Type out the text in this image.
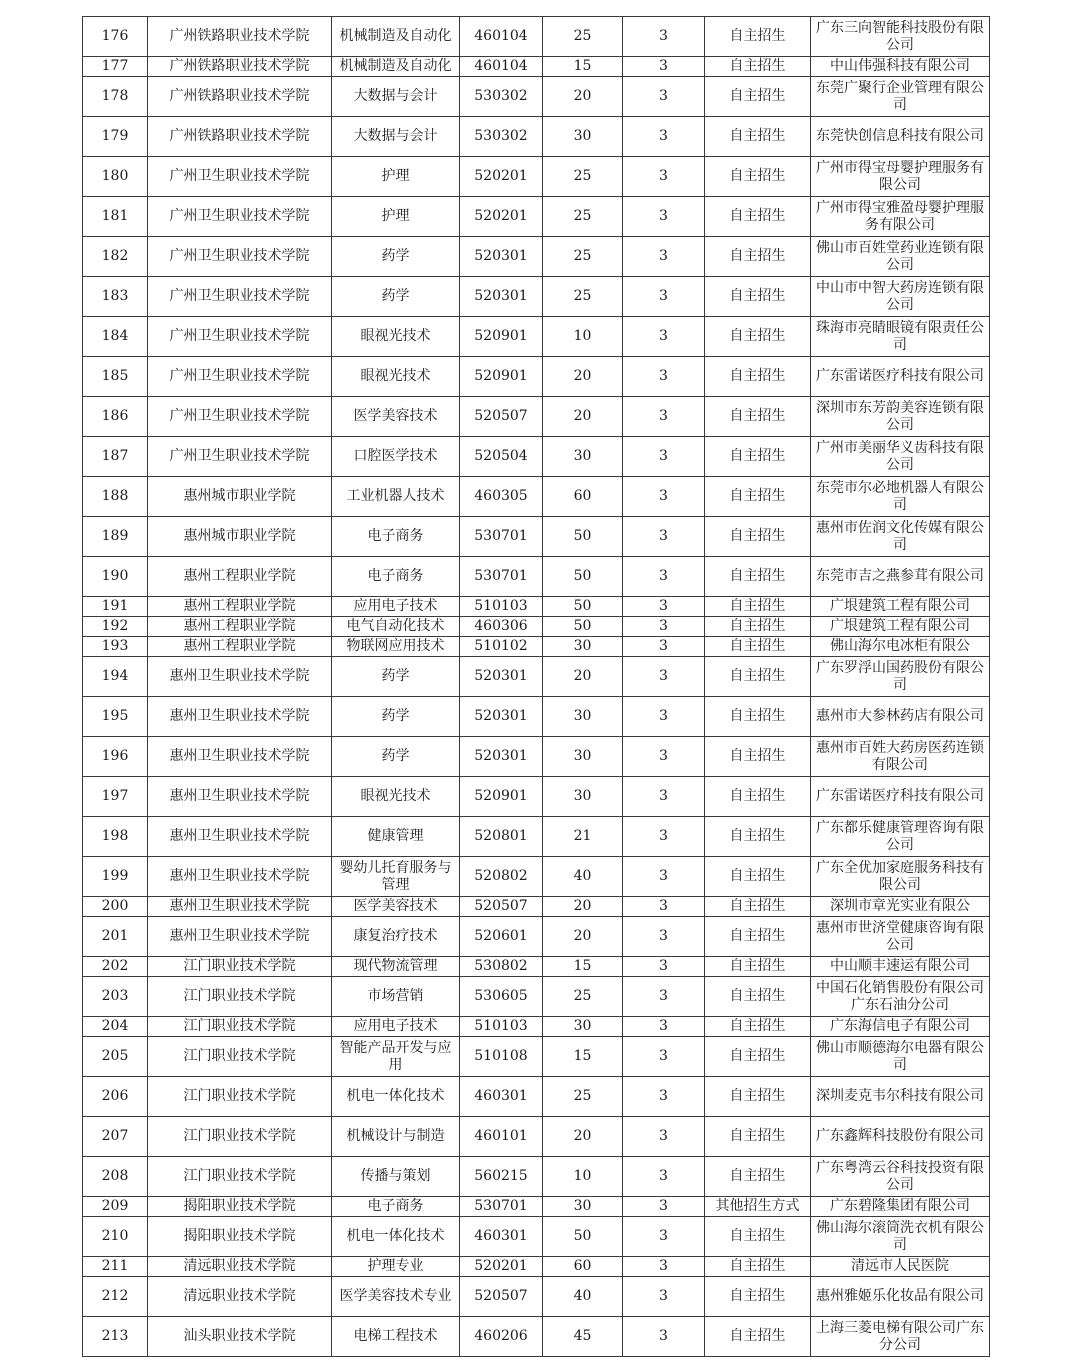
176	广州铁路职业技术学院	机械制造及自动化	460104	25	3	自主招生	广东三向智能科技股份有限公司
177	广州铁路职业技术学院	机械制造及自动化	460104	15	3	自主招生	中山伟强科技有限公司
178	广州铁路职业技术学院	大数据与会计	530302	20	3	自主招生	东莞广聚行企业管理有限公司
179	广州铁路职业技术学院	大数据与会计	530302	30	3	自主招生	东莞快创信息科技有限公司
180	广州卫生职业技术学院	护理	520201	25	3	自主招生	广州市得宝母婴护理服务有限公司
181	广州卫生职业技术学院	护理	520201	25	3	自主招生	广州市得宝雅盈母婴护理服务有限公司
182	广州卫生职业技术学院	药学	520301	25	3	自主招生	佛山市百姓堂药业连锁有限公司
183	广州卫生职业技术学院	药学	520301	25	3	自主招生	中山市中智大药房连锁有限公司
184	广州卫生职业技术学院	眼视光技术	520901	10	3	自主招生	珠海市亮睛眼镜有限责任公司
185	广州卫生职业技术学院	眼视光技术	520901	20	3	自主招生	广东雷诺医疗科技有限公司
186	广州卫生职业技术学院	医学美容技术	520507	20	3	自主招生	深圳市东芳韵美容连锁有限公司
187	广州卫生职业技术学院	口腔医学技术	520504	30	3	自主招生	广州市美丽华义齿科技有限公司
188	惠州城市职业学院	工业机器人技术	460305	60	3	自主招生	东莞市尔必地机器人有限公司
189	惠州城市职业学院	电子商务	530701	50	3	自主招生	惠州市佐润文化传媒有限公司
190	惠州工程职业学院	电子商务	530701	50	3	自主招生	东莞市吉之燕参茸有限公司
191	惠州工程职业学院	应用电子技术	510103	50	3	自主招生	广垠建筑工程有限公司
192	惠州工程职业学院	电气自动化技术	460306	50	3	自主招生	广垠建筑工程有限公司
193	惠州工程职业学院	物联网应用技术	510102	30	3	自主招生	佛山海尔电冰柜有限公
194	惠州卫生职业技术学院	药学	520301	20	3	自主招生	广东罗浮山国药股份有限公司
195	惠州卫生职业技术学院	药学	520301	30	3	自主招生	惠州市大参林药店有限公司
196	惠州卫生职业技术学院	药学	520301	30	3	自主招生	惠州市百姓大药房医药连锁有限公司
197	惠州卫生职业技术学院	眼视光技术	520901	30	3	自主招生	广东雷诺医疗科技有限公司
198	惠州卫生职业技术学院	健康管理	520801	21	3	自主招生	广东都乐健康管理咨询有限公司
199	惠州卫生职业技术学院	婴幼儿托育服务与管理	520802	40	3	自主招生	广东全优加家庭服务科技有限公司
200	惠州卫生职业技术学院	医学美容技术	520507	20	3	自主招生	深圳市章光实业有限公
201	惠州卫生职业技术学院	康复治疗技术	520601	20	3	自主招生	惠州市世济堂健康咨询有限公司
202	江门职业技术学院	现代物流管理	530802	15	3	自主招生	中山顺丰速运有限公司
203	江门职业技术学院	市场营销	530605	25	3	自主招生	中国石化销售股份有限公司广东石油分公司
204	江门职业技术学院	应用电子技术	510103	30	3	自主招生	广东海信电子有限公司
205	江门职业技术学院	智能产品开发与应用	510108	15	3	自主招生	佛山市顺德海尔电器有限公司
206	江门职业技术学院	机电一体化技术	460301	25	3	自主招生	深圳麦克韦尔科技有限公司
207	江门职业技术学院	机械设计与制造	460101	20	3	自主招生	广东鑫辉科技股份有限公司
208	江门职业技术学院	传播与策划	560215	10	3	自主招生	广东粤湾云谷科技投资有限公司
209	揭阳职业技术学院	电子商务	530701	30	3	其他招生方式	广东碧隆集团有限公司
210	揭阳职业技术学院	机电一体化技术	460301	50	3	自主招生	佛山海尔滚筒洗衣机有限公司
211	清远职业技术学院	护理专业	520201	60	3	自主招生	清远市人民医院
212	清远职业技术学院	医学美容技术专业	520507	40	3	自主招生	惠州雅姬乐化妆品有限公司
213	汕头职业技术学院	电梯工程技术	460206	45	3	自主招生	上海三菱电梯有限公司广东分公司
